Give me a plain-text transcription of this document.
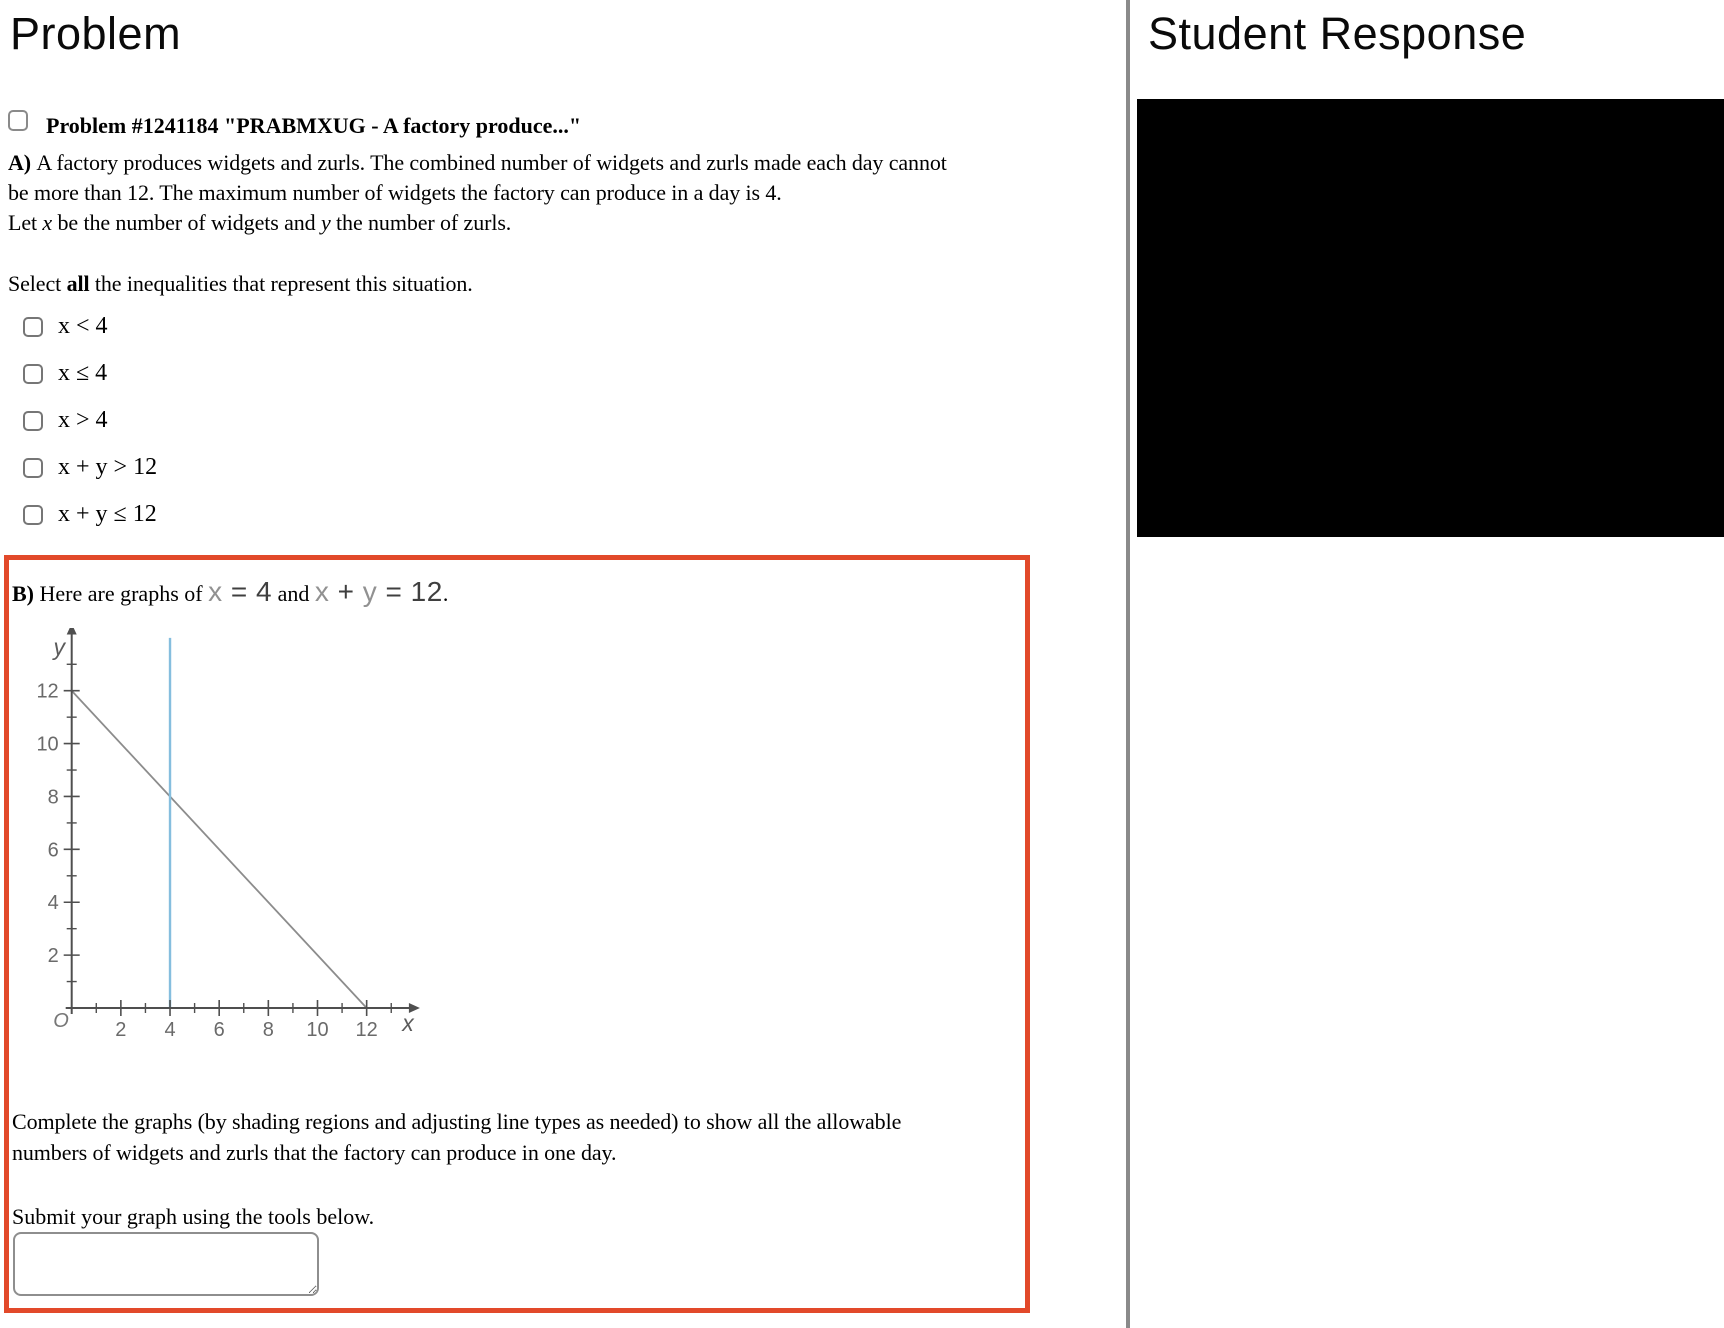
Problem
Problem #1241184 "PRABMXUG - A factory produce..."
A) A factory produces widgets and zurls. The combined number of widgets and zurls made each day cannot
be more than 12. The maximum number of widgets the factory can produce in a day is 4.
Let x be the number of widgets and y the number of zurls.
Select all the inequalities that represent this situation.
x < 4
x ≤ 4
x > 4
x + y > 12
x + y ≤ 12
B) Here are graphs of x = 4 and x + y = 12.
2 4 6 8 10 12
2
4
6
8
10
12
y
x
O
Complete the graphs (by shading regions and adjusting line types as needed) to show all the allowable
numbers of widgets and zurls that the factory can produce in one day.
Submit your graph using the tools below.
Student Response
